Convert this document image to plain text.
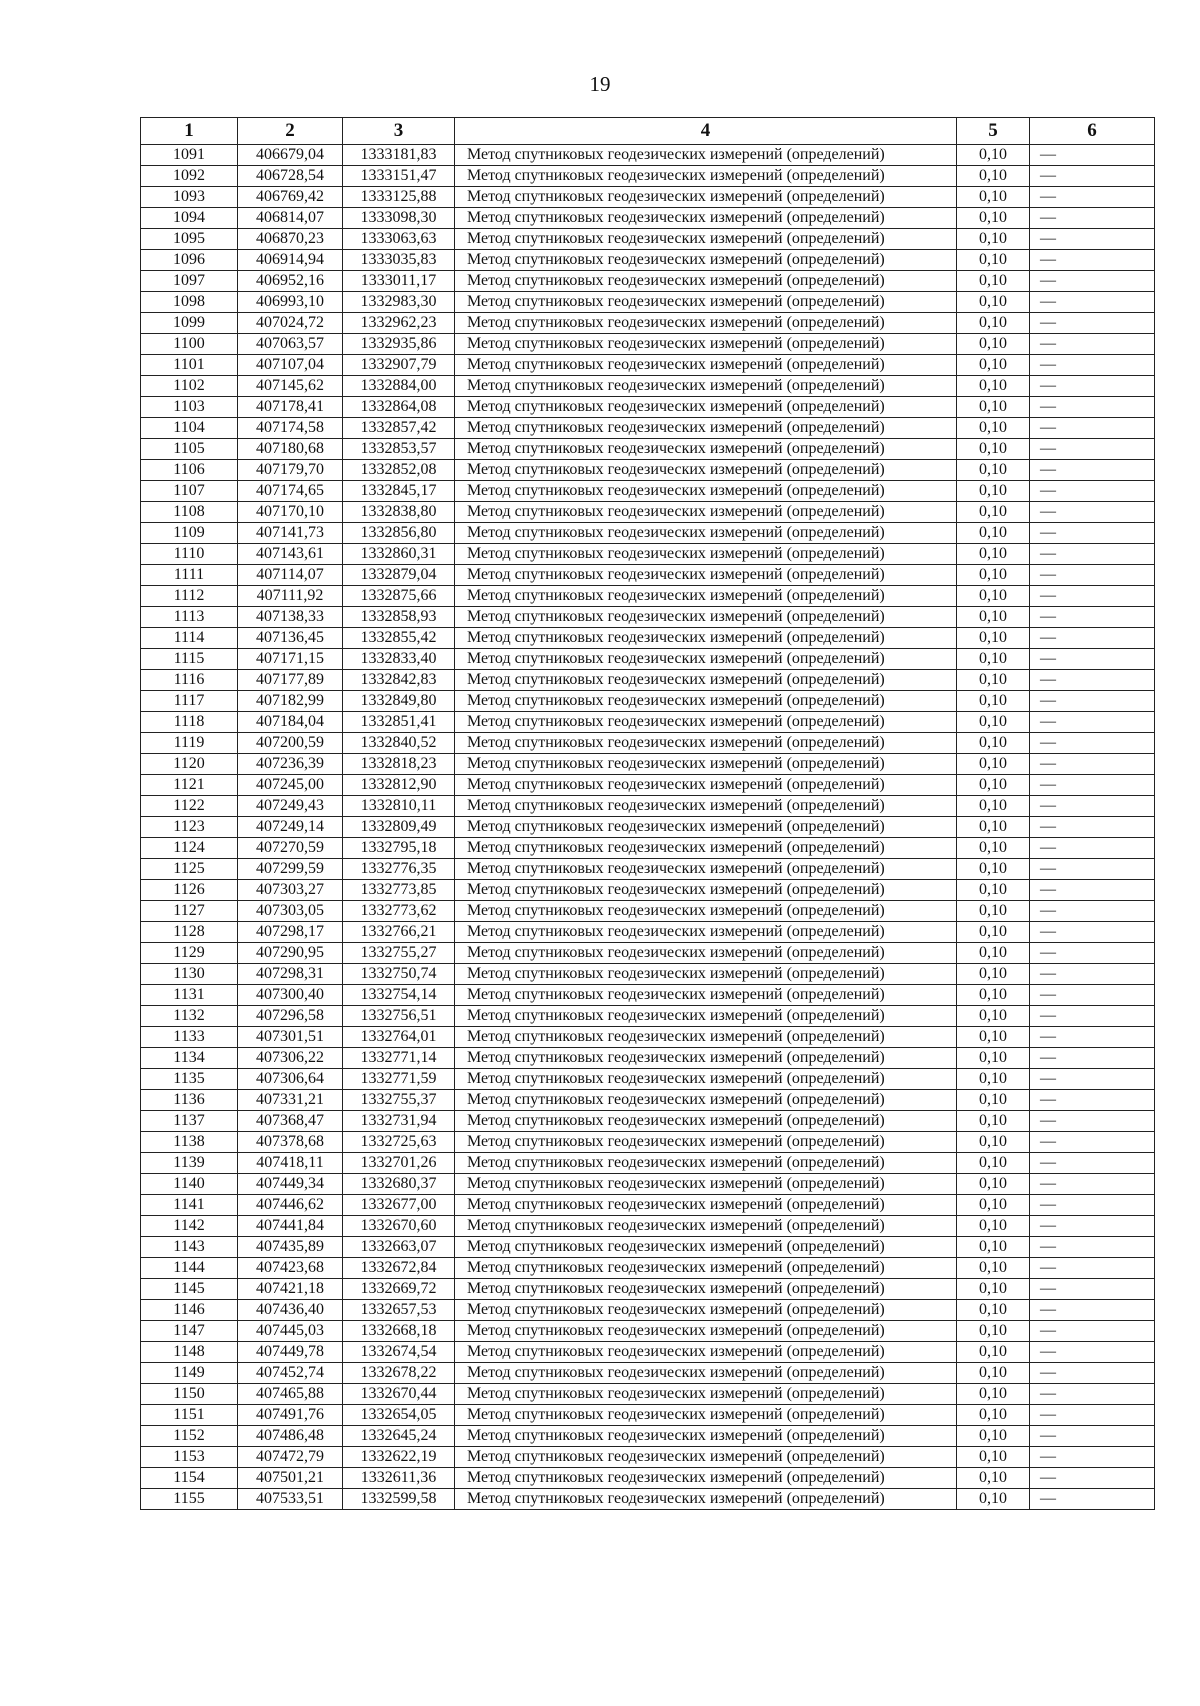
19
1	2	3	4	5	6
1091	406679,04	1333181,83	Метод спутниковых геодезических измерений (определений)	0,10	—
1092	406728,54	1333151,47	Метод спутниковых геодезических измерений (определений)	0,10	—
1093	406769,42	1333125,88	Метод спутниковых геодезических измерений (определений)	0,10	—
1094	406814,07	1333098,30	Метод спутниковых геодезических измерений (определений)	0,10	—
1095	406870,23	1333063,63	Метод спутниковых геодезических измерений (определений)	0,10	—
1096	406914,94	1333035,83	Метод спутниковых геодезических измерений (определений)	0,10	—
1097	406952,16	1333011,17	Метод спутниковых геодезических измерений (определений)	0,10	—
1098	406993,10	1332983,30	Метод спутниковых геодезических измерений (определений)	0,10	—
1099	407024,72	1332962,23	Метод спутниковых геодезических измерений (определений)	0,10	—
1100	407063,57	1332935,86	Метод спутниковых геодезических измерений (определений)	0,10	—
1101	407107,04	1332907,79	Метод спутниковых геодезических измерений (определений)	0,10	—
1102	407145,62	1332884,00	Метод спутниковых геодезических измерений (определений)	0,10	—
1103	407178,41	1332864,08	Метод спутниковых геодезических измерений (определений)	0,10	—
1104	407174,58	1332857,42	Метод спутниковых геодезических измерений (определений)	0,10	—
1105	407180,68	1332853,57	Метод спутниковых геодезических измерений (определений)	0,10	—
1106	407179,70	1332852,08	Метод спутниковых геодезических измерений (определений)	0,10	—
1107	407174,65	1332845,17	Метод спутниковых геодезических измерений (определений)	0,10	—
1108	407170,10	1332838,80	Метод спутниковых геодезических измерений (определений)	0,10	—
1109	407141,73	1332856,80	Метод спутниковых геодезических измерений (определений)	0,10	—
1110	407143,61	1332860,31	Метод спутниковых геодезических измерений (определений)	0,10	—
1111	407114,07	1332879,04	Метод спутниковых геодезических измерений (определений)	0,10	—
1112	407111,92	1332875,66	Метод спутниковых геодезических измерений (определений)	0,10	—
1113	407138,33	1332858,93	Метод спутниковых геодезических измерений (определений)	0,10	—
1114	407136,45	1332855,42	Метод спутниковых геодезических измерений (определений)	0,10	—
1115	407171,15	1332833,40	Метод спутниковых геодезических измерений (определений)	0,10	—
1116	407177,89	1332842,83	Метод спутниковых геодезических измерений (определений)	0,10	—
1117	407182,99	1332849,80	Метод спутниковых геодезических измерений (определений)	0,10	—
1118	407184,04	1332851,41	Метод спутниковых геодезических измерений (определений)	0,10	—
1119	407200,59	1332840,52	Метод спутниковых геодезических измерений (определений)	0,10	—
1120	407236,39	1332818,23	Метод спутниковых геодезических измерений (определений)	0,10	—
1121	407245,00	1332812,90	Метод спутниковых геодезических измерений (определений)	0,10	—
1122	407249,43	1332810,11	Метод спутниковых геодезических измерений (определений)	0,10	—
1123	407249,14	1332809,49	Метод спутниковых геодезических измерений (определений)	0,10	—
1124	407270,59	1332795,18	Метод спутниковых геодезических измерений (определений)	0,10	—
1125	407299,59	1332776,35	Метод спутниковых геодезических измерений (определений)	0,10	—
1126	407303,27	1332773,85	Метод спутниковых геодезических измерений (определений)	0,10	—
1127	407303,05	1332773,62	Метод спутниковых геодезических измерений (определений)	0,10	—
1128	407298,17	1332766,21	Метод спутниковых геодезических измерений (определений)	0,10	—
1129	407290,95	1332755,27	Метод спутниковых геодезических измерений (определений)	0,10	—
1130	407298,31	1332750,74	Метод спутниковых геодезических измерений (определений)	0,10	—
1131	407300,40	1332754,14	Метод спутниковых геодезических измерений (определений)	0,10	—
1132	407296,58	1332756,51	Метод спутниковых геодезических измерений (определений)	0,10	—
1133	407301,51	1332764,01	Метод спутниковых геодезических измерений (определений)	0,10	—
1134	407306,22	1332771,14	Метод спутниковых геодезических измерений (определений)	0,10	—
1135	407306,64	1332771,59	Метод спутниковых геодезических измерений (определений)	0,10	—
1136	407331,21	1332755,37	Метод спутниковых геодезических измерений (определений)	0,10	—
1137	407368,47	1332731,94	Метод спутниковых геодезических измерений (определений)	0,10	—
1138	407378,68	1332725,63	Метод спутниковых геодезических измерений (определений)	0,10	—
1139	407418,11	1332701,26	Метод спутниковых геодезических измерений (определений)	0,10	—
1140	407449,34	1332680,37	Метод спутниковых геодезических измерений (определений)	0,10	—
1141	407446,62	1332677,00	Метод спутниковых геодезических измерений (определений)	0,10	—
1142	407441,84	1332670,60	Метод спутниковых геодезических измерений (определений)	0,10	—
1143	407435,89	1332663,07	Метод спутниковых геодезических измерений (определений)	0,10	—
1144	407423,68	1332672,84	Метод спутниковых геодезических измерений (определений)	0,10	—
1145	407421,18	1332669,72	Метод спутниковых геодезических измерений (определений)	0,10	—
1146	407436,40	1332657,53	Метод спутниковых геодезических измерений (определений)	0,10	—
1147	407445,03	1332668,18	Метод спутниковых геодезических измерений (определений)	0,10	—
1148	407449,78	1332674,54	Метод спутниковых геодезических измерений (определений)	0,10	—
1149	407452,74	1332678,22	Метод спутниковых геодезических измерений (определений)	0,10	—
1150	407465,88	1332670,44	Метод спутниковых геодезических измерений (определений)	0,10	—
1151	407491,76	1332654,05	Метод спутниковых геодезических измерений (определений)	0,10	—
1152	407486,48	1332645,24	Метод спутниковых геодезических измерений (определений)	0,10	—
1153	407472,79	1332622,19	Метод спутниковых геодезических измерений (определений)	0,10	—
1154	407501,21	1332611,36	Метод спутниковых геодезических измерений (определений)	0,10	—
1155	407533,51	1332599,58	Метод спутниковых геодезических измерений (определений)	0,10	—
